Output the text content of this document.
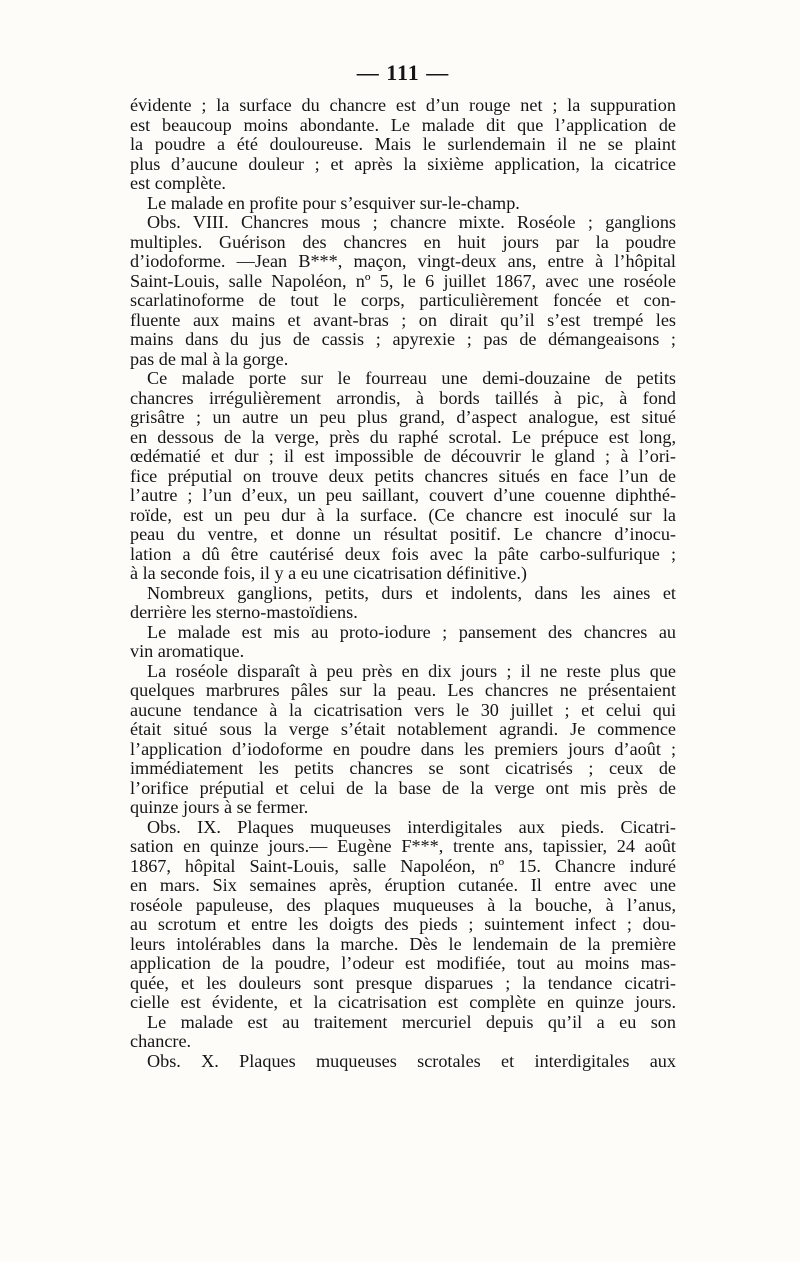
— 111 —
évidente ; la surface du chancre est d’un rouge net ; la suppuration
est beaucoup moins abondante. Le malade dit que l’application de
la poudre a été douloureuse. Mais le surlendemain il ne se plaint
plus d’aucune douleur ; et après la sixième application, la cicatrice
est complète.
Le malade en profite pour s’esquiver sur-le-champ.
Obs. VIII. Chancres mous ; chancre mixte. Roséole ; ganglions
multiples. Guérison des chancres en huit jours par la poudre
d’iodoforme. —Jean B***, maçon, vingt-deux ans, entre à l’hôpital
Saint-Louis, salle Napoléon, nº 5, le 6 juillet 1867, avec une roséole
scarlatinoforme de tout le corps, particulièrement foncée et con-
fluente aux mains et avant-bras ; on dirait qu’il s’est trempé les
mains dans du jus de cassis ; apyrexie ; pas de démangeaisons ;
pas de mal à la gorge.
Ce malade porte sur le fourreau une demi-douzaine de petits
chancres irrégulièrement arrondis, à bords taillés à pic, à fond
grisâtre ; un autre un peu plus grand, d’aspect analogue, est situé
en dessous de la verge, près du raphé scrotal. Le prépuce est long,
œdématié et dur ; il est impossible de découvrir le gland ; à l’ori-
fice préputial on trouve deux petits chancres situés en face l’un de
l’autre ; l’un d’eux, un peu saillant, couvert d’une couenne diphthé-
roïde, est un peu dur à la surface. (Ce chancre est inoculé sur la
peau du ventre, et donne un résultat positif. Le chancre d’inocu-
lation a dû être cautérisé deux fois avec la pâte carbo-sulfurique ;
à la seconde fois, il y a eu une cicatrisation définitive.)
Nombreux ganglions, petits, durs et indolents, dans les aines et
derrière les sterno-mastoïdiens.
Le malade est mis au proto-iodure ; pansement des chancres au
vin aromatique.
La roséole disparaît à peu près en dix jours ; il ne reste plus que
quelques marbrures pâles sur la peau. Les chancres ne présentaient
aucune tendance à la cicatrisation vers le 30 juillet ; et celui qui
était situé sous la verge s’était notablement agrandi. Je commence
l’application d’iodoforme en poudre dans les premiers jours d’août ;
immédiatement les petits chancres se sont cicatrisés ; ceux de
l’orifice préputial et celui de la base de la verge ont mis près de
quinze jours à se fermer.
Obs. IX. Plaques muqueuses interdigitales aux pieds. Cicatri-
sation en quinze jours.— Eugène F***, trente ans, tapissier, 24 août
1867, hôpital Saint-Louis, salle Napoléon, nº 15. Chancre induré
en mars. Six semaines après, éruption cutanée. Il entre avec une
roséole papuleuse, des plaques muqueuses à la bouche, à l’anus,
au scrotum et entre les doigts des pieds ; suintement infect ; dou-
leurs intolérables dans la marche. Dès le lendemain de la première
application de la poudre, l’odeur est modifiée, tout au moins mas-
quée, et les douleurs sont presque disparues ; la tendance cicatri-
cielle est évidente, et la cicatrisation est complète en quinze jours.
Le malade est au traitement mercuriel depuis qu’il a eu son
chancre.
Obs. X. Plaques muqueuses scrotales et interdigitales aux
